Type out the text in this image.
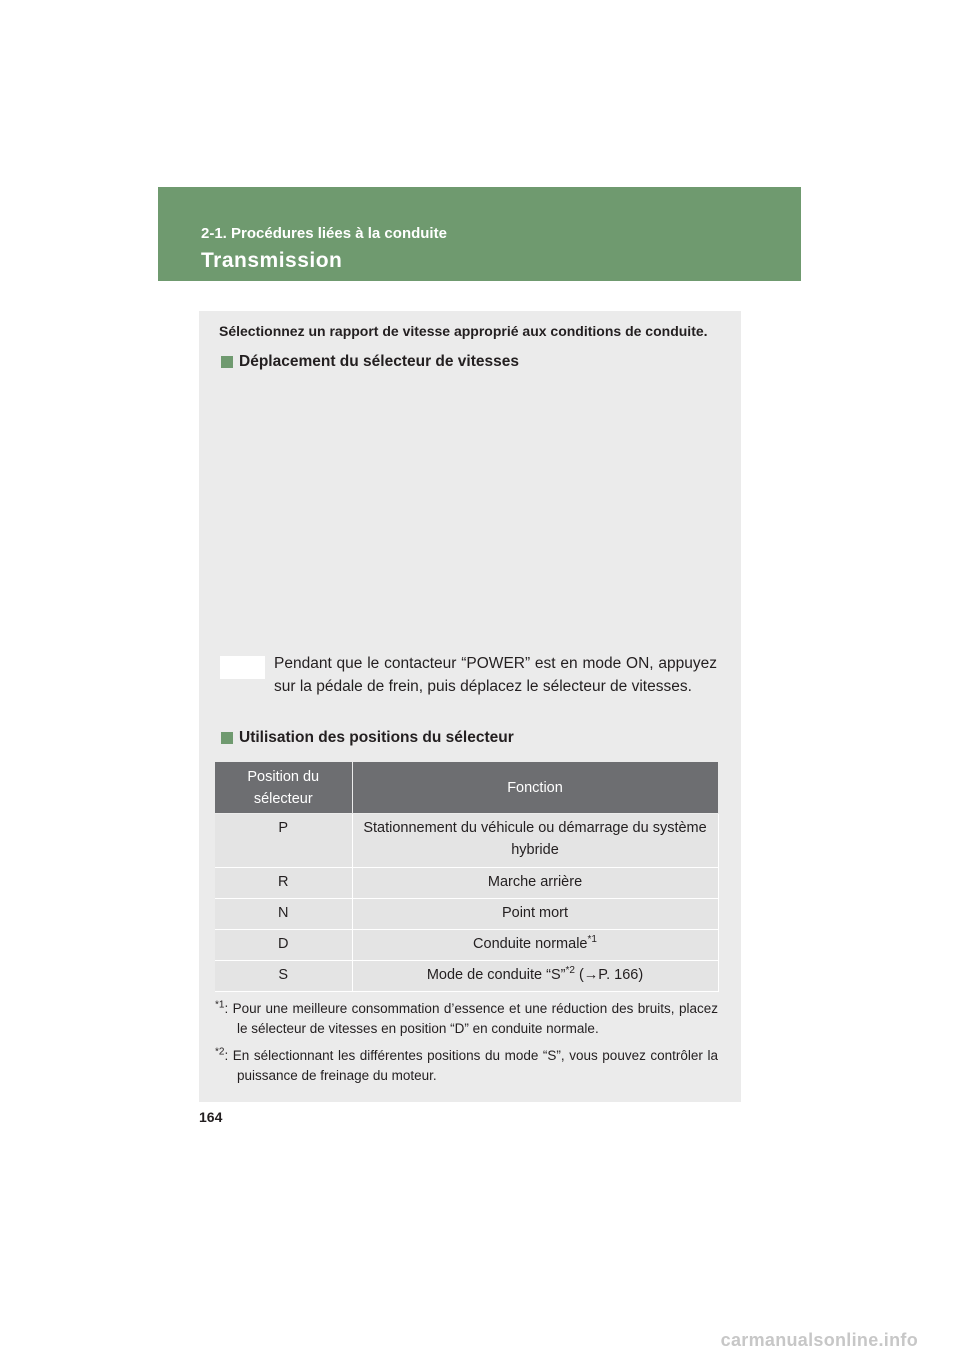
2-1. Procédures liées à la conduite
Transmission
Sélectionnez un rapport de vitesse approprié aux conditions de conduite.
Déplacement du sélecteur de vitesses
Pendant que le contacteur “POWER” est en mode ON, appuyez sur la pédale de frein, puis déplacez le sélecteur de vitesses.
Utilisation des positions du sélecteur
Position du sélecteur	Fonction
P	Stationnement du véhicule ou démarrage du système hybride
R	Marche arrière
N	Point mort
D	Conduite normale$^{*1}$
S	Mode de conduite “S”$^{*2}$ (→P. 166)
$^{*1}$: Pour une meilleure consommation d’essence et une réduction des bruits, placez le sélecteur de vitesses en position “D” en conduite normale.
$^{*2}$: En sélectionnant les différentes positions du mode “S”, vous pouvez contrôler la puissance de freinage du moteur.
164
carmanualsonline.info
